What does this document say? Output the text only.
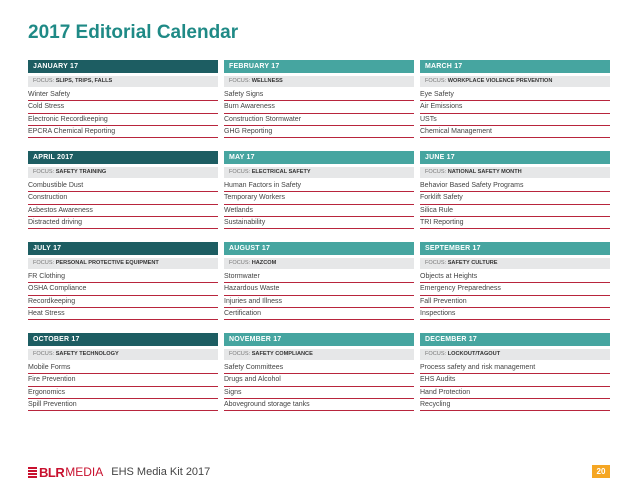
2017 Editorial Calendar
JANUARY 17
FOCUS: SLIPS, TRIPS, FALLS
Winter Safety
Cold Stress
Electronic Recordkeeping
EPCRA Chemical Reporting
FEBRUARY 17
FOCUS: WELLNESS
Safety Signs
Burn Awareness
Construction Stormwater
GHG Reporting
MARCH 17
FOCUS: WORKPLACE VIOLENCE PREVENTION
Eye Safety
Air Emissions
USTs
Chemical Management
APRIL 2017
FOCUS: SAFETY TRAINING
Combustible Dust
Construction
Asbestos Awareness
Distracted driving
MAY 17
FOCUS: ELECTRICAL SAFETY
Human Factors in Safety
Temporary Workers
Wetlands
Sustainability
JUNE 17
FOCUS: NATIONAL SAFETY MONTH
Behavior Based Safety Programs
Forklift Safety
Silica Rule
TRI Reporting
JULY 17
FOCUS: PERSONAL PROTECTIVE EQUIPMENT
FR Clothing
OSHA Compliance
Recordkeeping
Heat Stress
AUGUST 17
FOCUS: HAZCOM
Stormwater
Hazardous Waste
Injuries and Illness
Certification
SEPTEMBER 17
FOCUS: SAFETY CULTURE
Objects at Heights
Emergency Preparedness
Fall Prevention
Inspections
OCTOBER 17
FOCUS: SAFETY TECHNOLOGY
Mobile Forms
Fire Prevention
Ergonomics
Spill Prevention
NOVEMBER 17
FOCUS: SAFETY COMPLIANCE
Safety Committees
Drugs and Alcohol
Signs
Aboveground storage tanks
DECEMBER 17
FOCUS: LOCKOUT/TAGOUT
Process safety and risk management
EHS Audits
Hand Protection
Recycling
BLR MEDIA EHS Media Kit 2017	20
